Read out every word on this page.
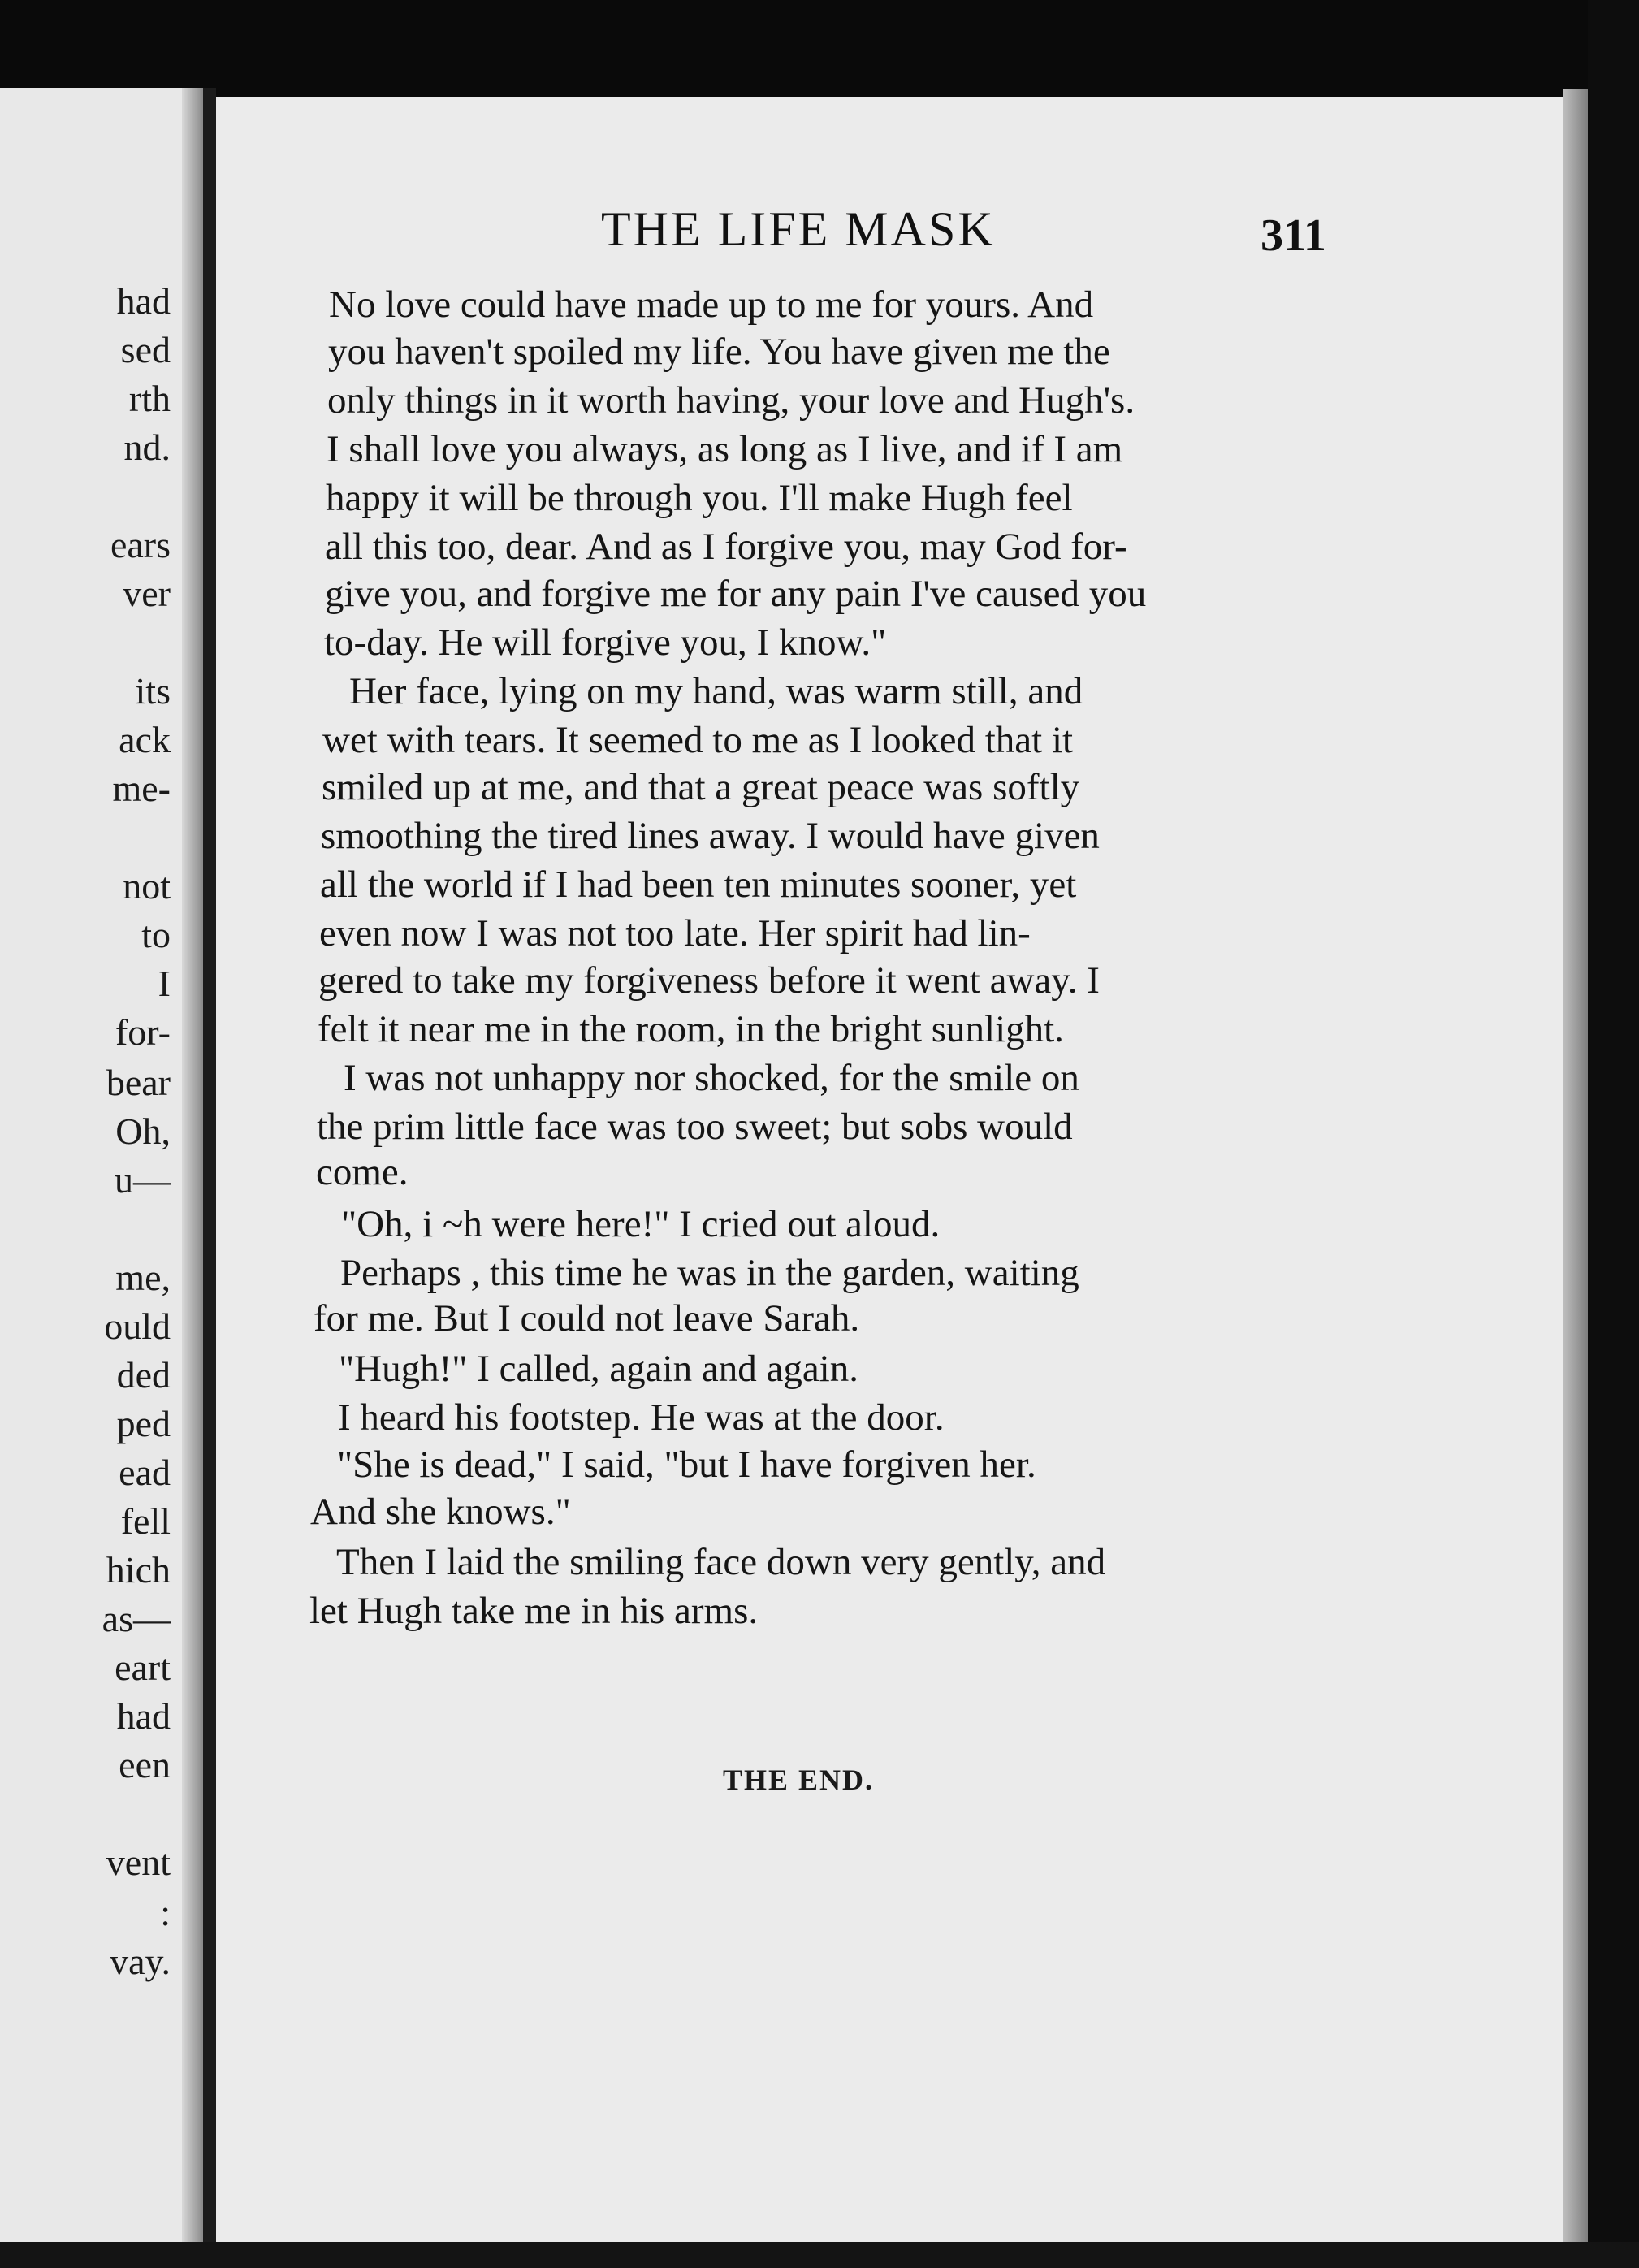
had
sed
rth
nd.
ears
ver
its
ack
me-
not
to
I
for-
bear
Oh,
u—
me,
ould
ded
ped
ead
fell
hich
as—
eart
had
een
vent
:
vay.
THE LIFE MASK	311
No love could have made up to me for yours. And
you haven't spoiled my life. You have given me the
only things in it worth having, your love and Hugh's.
I shall love you always, as long as I live, and if I am
happy it will be through you. I'll make Hugh feel
all this too, dear. And as I forgive you, may God for-
give you, and forgive me for any pain I've caused you
to-day. He will forgive you, I know."
Her face, lying on my hand, was warm still, and
wet with tears. It seemed to me as I looked that it
smiled up at me, and that a great peace was softly
smoothing the tired lines away. I would have given
all the world if I had been ten minutes sooner, yet
even now I was not too late. Her spirit had lin-
gered to take my forgiveness before it went away. I
felt it near me in the room, in the bright sunlight.
I was not unhappy nor shocked, for the smile on
the prim little face was too sweet; but sobs would
come.
"Oh, i ~h were here!" I cried out aloud.
Perhaps , this time he was in the garden, waiting
for me. But I could not leave Sarah.
"Hugh!" I called, again and again.
I heard his footstep. He was at the door.
"She is dead," I said, "but I have forgiven her.
And she knows."
Then I laid the smiling face down very gently, and
let Hugh take me in his arms.
THE END.
